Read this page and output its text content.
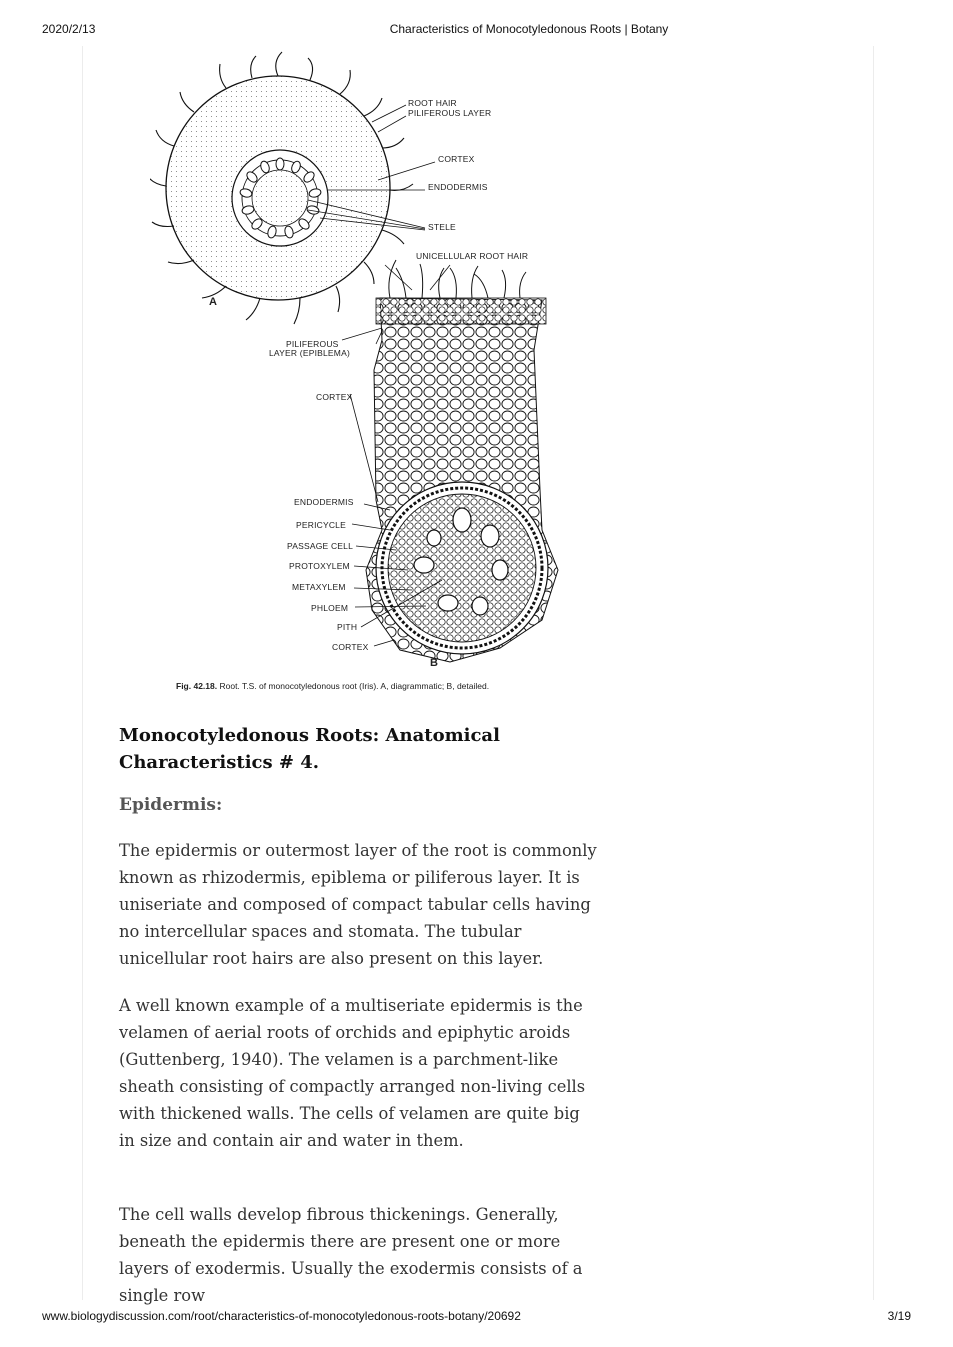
2020/2/13	Characteristics of Monocotyledonous Roots | Botany
ROOT HAIR
PILIFEROUS LAYER
CORTEX
ENDODERMIS
STELE
UNICELLULAR ROOT HAIR
A
PILIFEROUS
LAYER (EPIBLEMA)
CORTEX
ENDODERMIS
PERICYCLE
PASSAGE CELL
PROTOXYLEM
METAXYLEM
PHLOEM
PITH
CORTEX
B
Fig. 42.18. Root. T.S. of monocotyledonous root (Iris). A, diagrammatic; B, detailed.
Monocotyledonous Roots: Anatomical Characteristics # 4.
Epidermis:

The epidermis or outermost layer of the root is commonly known as rhizodermis, epiblema or piliferous layer. It is uniseriate and composed of compact tabular cells having no intercellular spaces and stomata. The tubular unicellular root hairs are also present on this layer.

A well known example of a multiseriate epidermis is the velamen of aerial roots of orchids and epiphytic aroids (Guttenberg, 1940). The velamen is a parchment-like sheath consisting of compactly arranged non-living cells with thickened walls. The cells of velamen are quite big in size and contain air and water in them.

The cell walls develop fibrous thickenings. Generally, beneath the epidermis there are present one or more layers of exodermis. Usually the exodermis consists of a single row

www.biologydiscussion.com/root/characteristics-of-monocotyledonous-roots-botany/20692	3/19
